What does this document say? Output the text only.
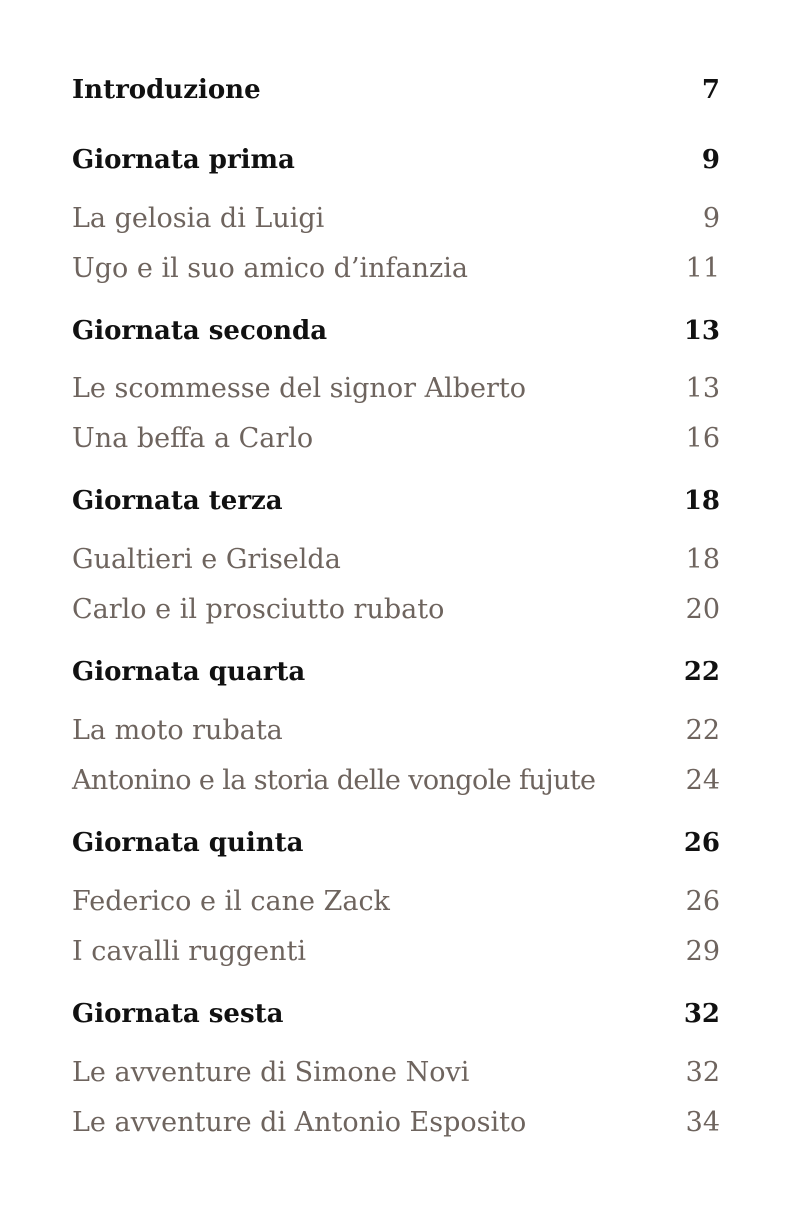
Introduzione	7
Giornata prima	9
La gelosia di Luigi	9
Ugo e il suo amico d’infanzia	11
Giornata seconda	13
Le scommesse del signor Alberto	13
Una beffa a Carlo	16
Giornata terza	18
Gualtieri e Griselda	18
Carlo e il prosciutto rubato	20
Giornata quarta	22
La moto rubata	22
Antonino e la storia delle vongole fujute	24
Giornata quinta	26
Federico e il cane Zack	26
I cavalli ruggenti	29
Giornata sesta	32
Le avventure di Simone Novi	32
Le avventure di Antonio Esposito	34
